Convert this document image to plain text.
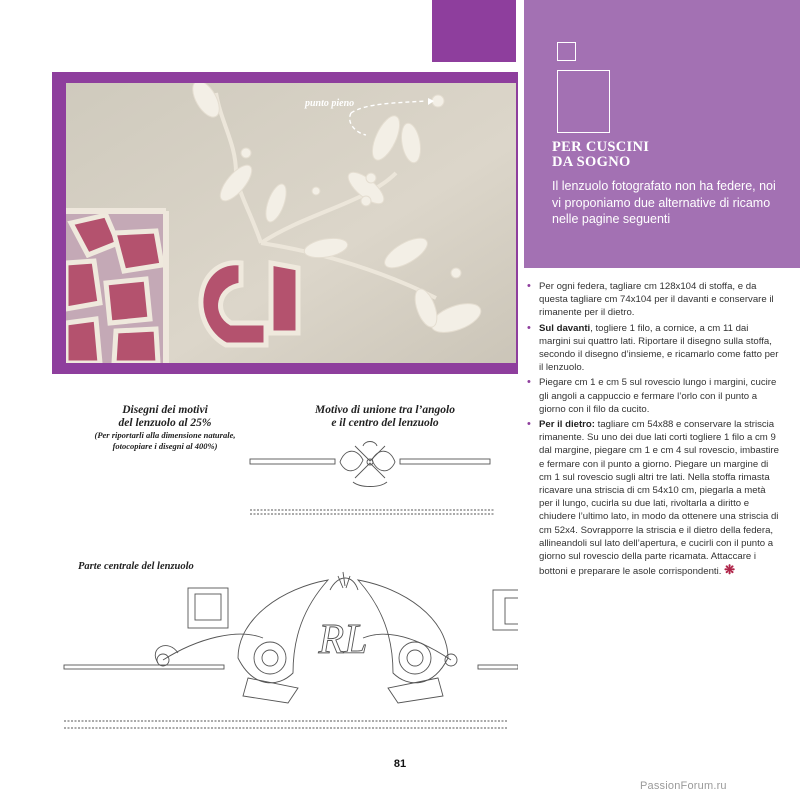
punto pieno
PER CUSCINI
DA SOGNO
Il lenzuolo fotografato non ha federe, noi vi proponiamo due alternative di ricamo nelle pagine seguenti
• Per ogni federa, tagliare cm 128x104 di stoffa, e da questa tagliare cm 74x104 per il davanti e conservare il rimanente per il dietro.
• Sul davanti, togliere 1 filo, a cornice, a cm 11 dai margini sui quattro lati. Riportare il disegno sulla stoffa, secondo il disegno d’insieme, e ricamarlo come fatto per il lenzuolo.
• Piegare cm 1 e cm 5 sul rovescio lungo i margini, cucire gli angoli a cappuccio e fermare l’orlo con il punto a giorno con il filo da cucito.
• Per il dietro: tagliare cm 54x88 e conservare la striscia rimanente. Su uno dei due lati corti togliere 1 filo a cm 9 dal margine, piegare cm 1 e cm 4 sul rovescio, imbastire e fermare con il punto a giorno. Piegare un margine di cm 1 sul rovescio sugli altri tre lati. Nella stoffa rimasta ricavare una striscia di cm 54x10 cm, piegarla a metà per il lungo, cucirla su due lati, rivoltarla a diritto e chiudere l’ultimo lato, in modo da ottenere una striscia di cm 52x4. Sovrapporre la striscia e il dietro della federa, allineandoli sul lato dell’apertura, e cucirli con il punto a giorno sul rovescio della parte ricamata. Attaccare i bottoni e preparare le asole corrispondenti. ❋
Disegni dei motivi
del lenzuolo al 25%
(Per riportarli alla dimensione naturale,
fotocopiare i disegni al 400%)
Motivo di unione tra l’angolo
e il centro del lenzuolo
Parte centrale del lenzuolo
RL
81
PassionForum.ru
